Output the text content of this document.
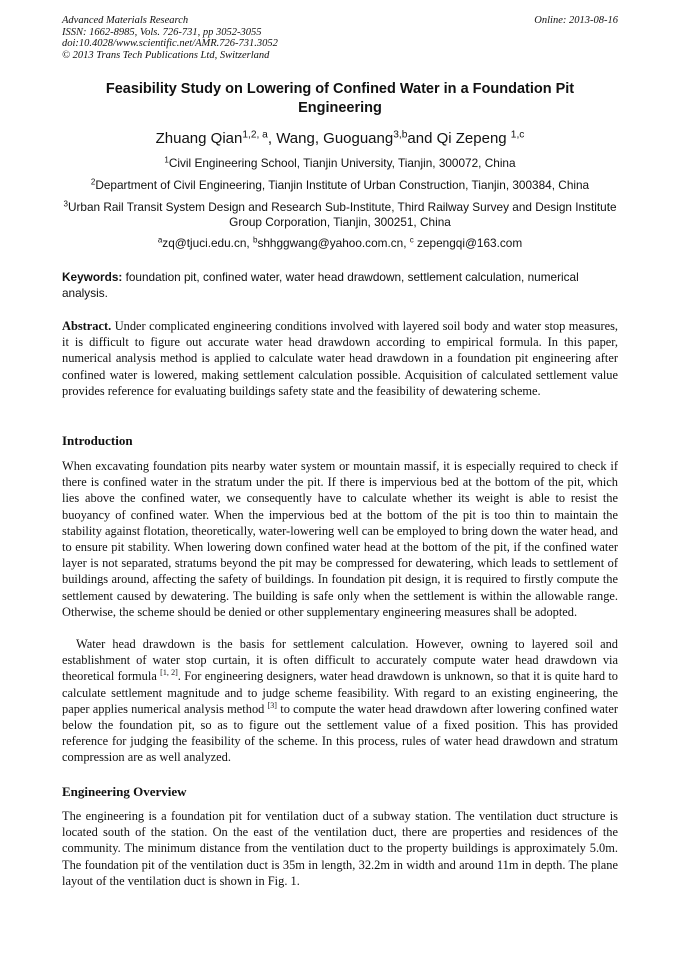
Advanced Materials Research
ISSN: 1662-8985, Vols. 726-731, pp 3052-3055
doi:10.4028/www.scientific.net/AMR.726-731.3052
© 2013 Trans Tech Publications Ltd, Switzerland
Online: 2013-08-16
Feasibility Study on Lowering of Confined Water in a Foundation Pit Engineering
Zhuang Qian$^{1,2, a}$, Wang, Guoguang$^{3,b}$and Qi Zepeng $^{1,c}$
$^1$Civil Engineering School, Tianjin University, Tianjin, 300072, China
$^2$Department of Civil Engineering, Tianjin Institute of Urban Construction, Tianjin, 300384, China
$^3$Urban Rail Transit System Design and Research Sub-Institute, Third Railway Survey and Design Institute Group Corporation, Tianjin, 300251, China
$^a$zq@tjuci.edu.cn, $^b$shhggwang@yahoo.com.cn, $^c$ zepengqi@163.com
Keywords: foundation pit, confined water, water head drawdown, settlement calculation, numerical analysis.
Abstract. Under complicated engineering conditions involved with layered soil body and water stop measures, it is difficult to figure out accurate water head drawdown according to empirical formula. In this paper, numerical analysis method is applied to calculate water head drawdown in a foundation pit engineering after confined water is lowered, making settlement calculation possible. Acquisition of calculated settlement value provides reference for evaluating buildings safety state and the feasibility of dewatering scheme.
Introduction
When excavating foundation pits nearby water system or mountain massif, it is especially required to check if there is confined water in the stratum under the pit. If there is impervious bed at the bottom of the pit, which lies above the confined water, we consequently have to calculate whether its weight is able to resist the buoyancy of confined water. When the impervious bed at the bottom of the pit is too thin to maintain the stability against flotation, theoretically, water-lowering well can be employed to bring down the water head, and to ensure pit stability. When lowering down confined water head at the bottom of the pit, if the confined water layer is not separated, stratums beyond the pit may be compressed for dewatering, which leads to settlement of buildings around, affecting the safety of buildings. In foundation pit design, it is required to firstly compute the settlement caused by dewatering. The building is safe only when the settlement is within the allowable range. Otherwise, the scheme should be denied or other supplementary engineering measures shall be adopted.
Water head drawdown is the basis for settlement calculation. However, owning to layered soil and establishment of water stop curtain, it is often difficult to accurately compute water head drawdown via theoretical formula [1, 2]. For engineering designers, water head drawdown is unknown, so that it is quite hard to calculate settlement magnitude and to judge scheme feasibility. With regard to an existing engineering, the paper applies numerical analysis method [3] to compute the water head drawdown after lowering confined water below the foundation pit, so as to figure out the settlement value of a fixed position. This has provided reference for judging the feasibility of the scheme. In this process, rules of water head drawdown and stratum compression are as well analyzed.
Engineering Overview
The engineering is a foundation pit for ventilation duct of a subway station. The ventilation duct structure is located south of the station. On the east of the ventilation duct, there are properties and residences of the community. The minimum distance from the ventilation duct to the property buildings is approximately 5.0m. The foundation pit of the ventilation duct is 35m in length, 32.2m in width and around 11m in depth. The plane layout of the ventilation duct is shown in Fig. 1.
